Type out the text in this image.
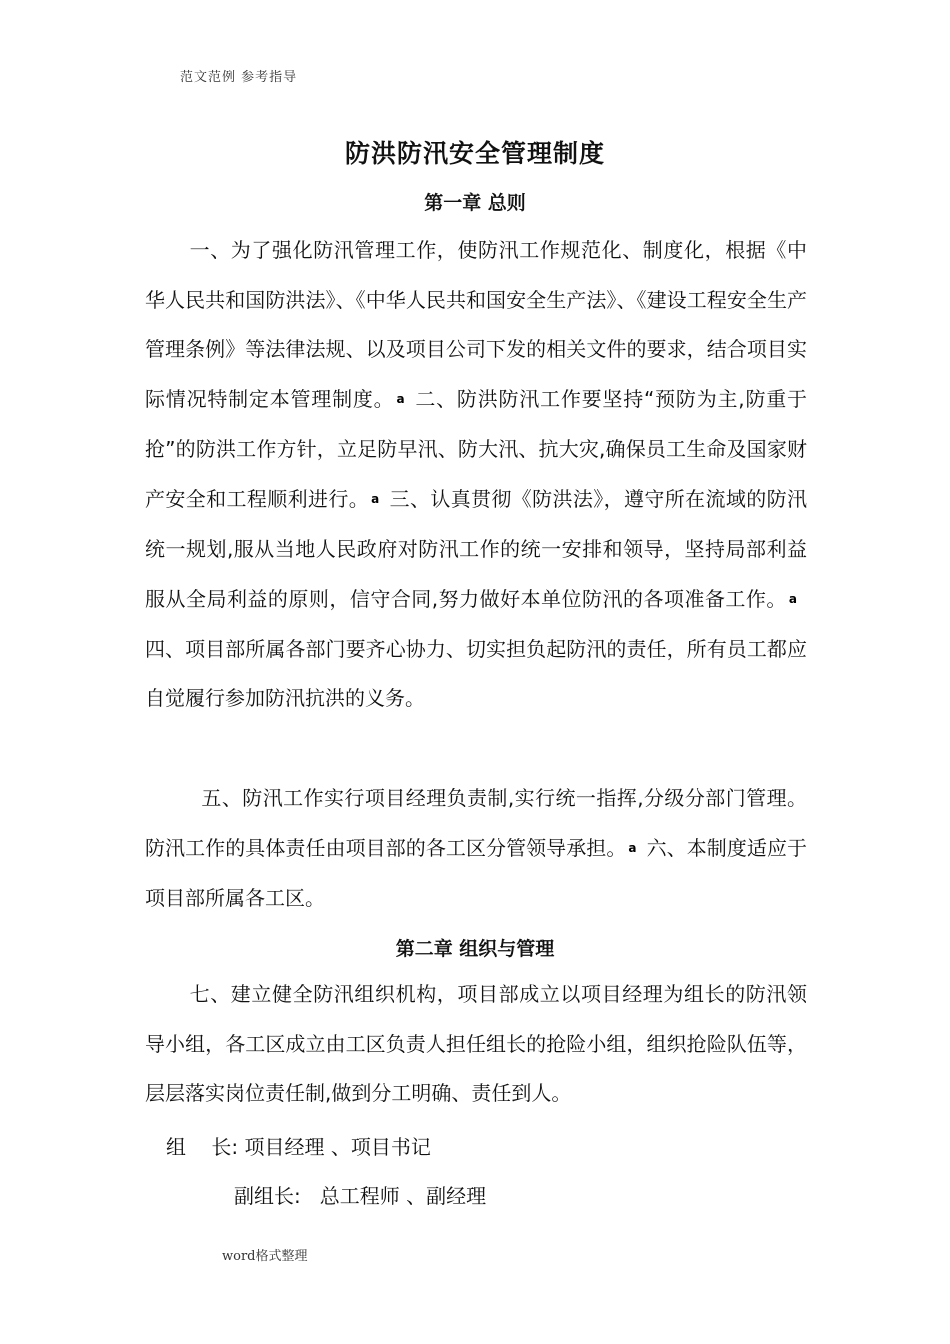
范文范例 参考指导
防洪防汛安全管理制度
第一章 总则

一、为了强化防汛管理工作，使防汛工作规范化、制度化，根据《中华人民共和国防洪法》、《中华人民共和国安全生产法》、《建设工程安全生产管理条例》等法律法规、以及项目公司下发的相关文件的要求，结合项目实际情况特制定本管理制度。 a 二、防洪防汛工作要坚持“预防为主,防重于抢”的防洪工作方针，立足防早汛、防大汛、抗大灾,确保员工生命及国家财产安全和工程顺利进行。 a 三、认真贯彻《防洪法》，遵守所在流域的防汛统一规划,服从当地人民政府对防汛工作的统一安排和领导，坚持局部利益服从全局利益的原则，信守合同,努力做好本单位防汛的各项准备工作。 a四、项目部所属各部门要齐心协力、切实担负起防汛的责任，所有员工都应自觉履行参加防汛抗洪的义务。

五、防汛工作实行项目经理负责制,实行统一指挥,分级分部门管理。防汛工作的具体责任由项目部的各工区分管领导承担。 a 六、本制度适应于项目部所属各工区。

第二章 组织与管理

七、建立健全防汛组织机构，项目部成立以项目经理为组长的防汛领导小组，各工区成立由工区负责人担任组长的抢险小组，组织抢险队伍等，层层落实岗位责任制,做到分工明确、责任到人。

组    长: 项目经理 、项目书记
副组长:   总工程师 、副经理
word格式整理
